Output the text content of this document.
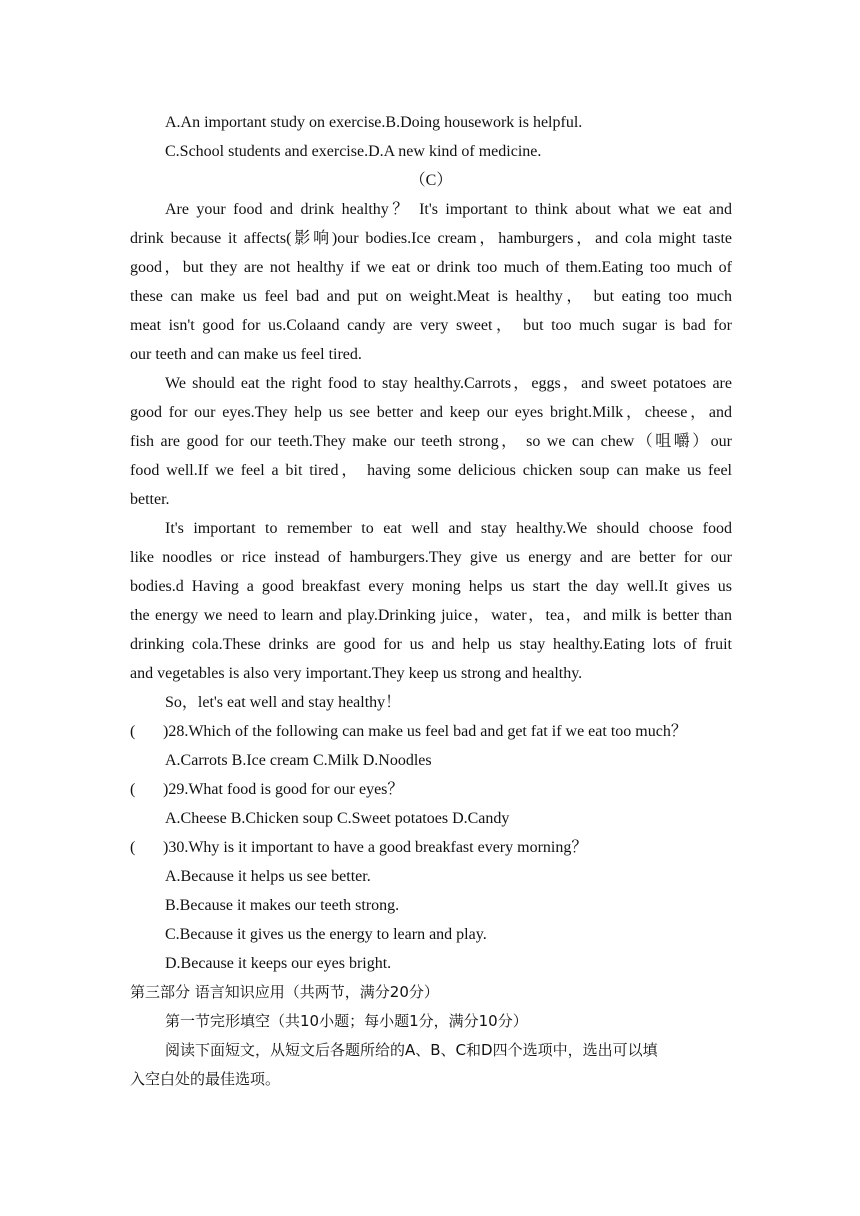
A.An important study on exercise.B.Doing housework is helpful.
C.School students and exercise.D.A new kind of medicine.
（C）
Are your food and drink healthy？ It's important to think about what we eat and
drink because it affects(影响)our bodies.Ice cream，hamburgers，and cola might taste
good，but they are not healthy if we eat or drink too much of them.Eating too much of
these can make us feel bad and put on weight.Meat is healthy， but eating too much
meat isn't good for us.Colaand candy are very sweet， but too much sugar is bad for
our teeth and can make us feel tired.
We should eat the right food to stay healthy.Carrots，eggs，and sweet potatoes are
good for our eyes.They help us see better and keep our eyes bright.Milk，cheese，and
fish are good for our teeth.They make our teeth strong， so we can chew（咀嚼）our
food well.If we feel a bit tired， having some delicious chicken soup can make us feel
better.
It's important to remember to eat well and stay healthy.We should choose food
like noodles or rice instead of hamburgers.They give us energy and are better for our
bodies.d Having a good breakfast every moning helps us start the day well.It gives us
the energy we need to learn and play.Drinking juice，water，tea，and milk is better than
drinking cola.These drinks are good for us and help us stay healthy.Eating lots of fruit
and vegetables is also very important.They keep us strong and healthy.
So，let's eat well and stay healthy！
( )28.Which of the following can make us feel bad and get fat if we eat too much？
A.Carrots B.Ice cream C.Milk D.Noodles
( )29.What food is good for our eyes？
A.Cheese B.Chicken soup C.Sweet potatoes D.Candy
( )30.Why is it important to have a good breakfast every morning？
A.Because it helps us see better.
B.Because it makes our teeth strong.
C.Because it gives us the energy to learn and play.
D.Because it keeps our eyes bright.
第三部分 语言知识应用（共两节，满分20分）
第一节完形填空（共10小题；每小题1分，满分10分）
阅读下面短文，从短文后各题所给的A、B、C和D四个选项中，选出可以填
入空白处的最佳选项。
